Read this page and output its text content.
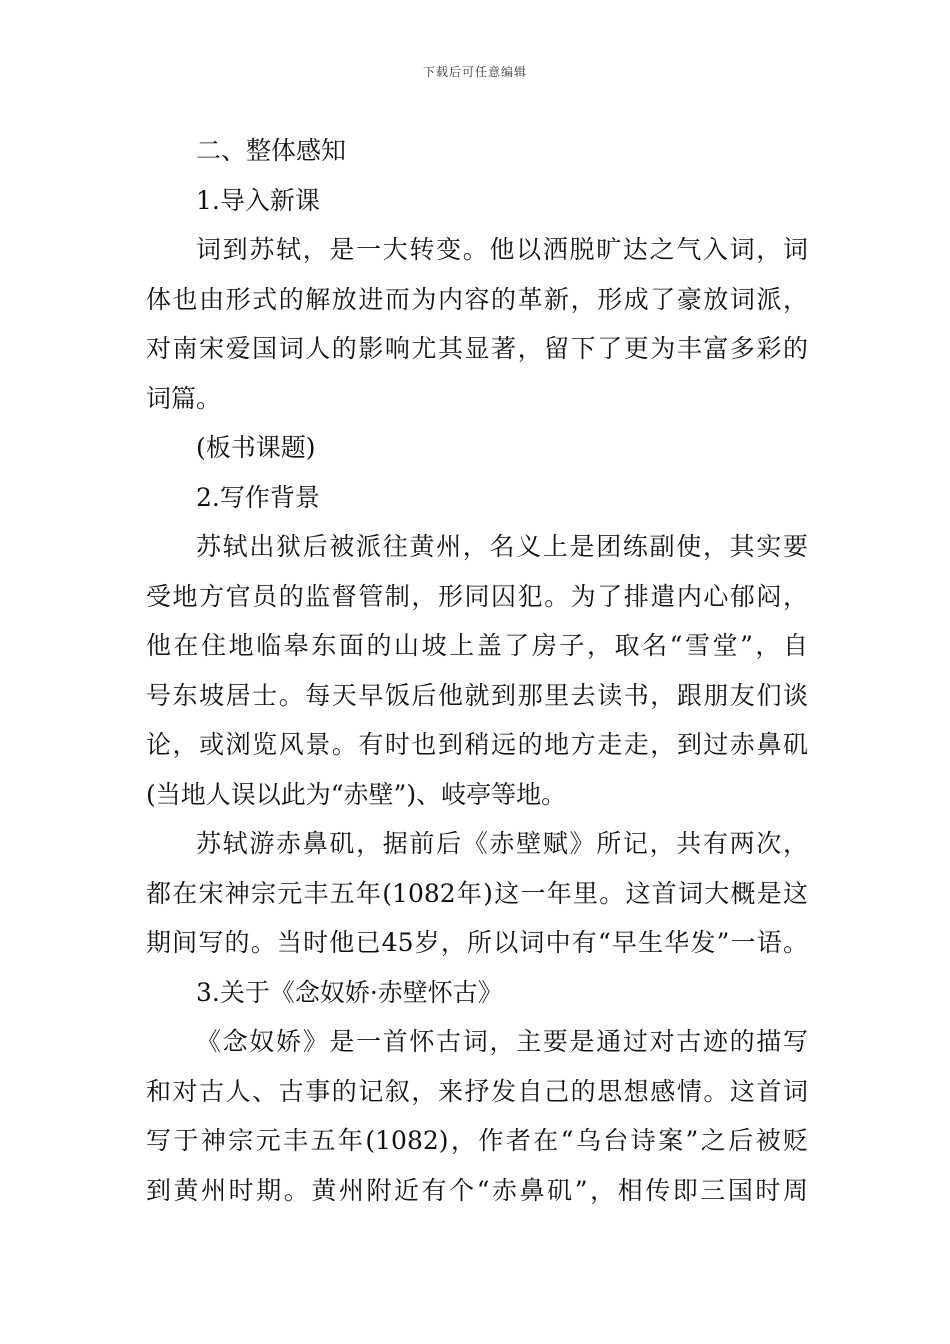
下载后可任意编辑
二、整体感知
1.导入新课
词到苏轼，是一大转变。他以洒脱旷达之气入词，词
体也由形式的解放进而为内容的革新，形成了豪放词派，
对南宋爱国词人的影响尤其显著，留下了更为丰富多彩的
词篇。
(板书课题)
2.写作背景
苏轼出狱后被派往黄州，名义上是团练副使，其实要
受地方官员的监督管制，形同囚犯。为了排遣内心郁闷，
他在住地临皋东面的山坡上盖了房子，取名“雪堂”，自
号东坡居士。每天早饭后他就到那里去读书，跟朋友们谈
论，或浏览风景。有时也到稍远的地方走走，到过赤鼻矶
(当地人误以此为“赤壁”)、岐亭等地。
苏轼游赤鼻矶，据前后《赤壁赋》所记，共有两次，
都在宋神宗元丰五年(1082年)这一年里。这首词大概是这
期间写的。当时他已45岁，所以词中有“早生华发”一语。
3.关于《念奴娇·赤壁怀古》
《念奴娇》是一首怀古词，主要是通过对古迹的描写
和对古人、古事的记叙，来抒发自己的思想感情。这首词
写于神宗元丰五年(1082)，作者在“乌台诗案”之后被贬
到黄州时期。黄州附近有个“赤鼻矶”，相传即三国时周
